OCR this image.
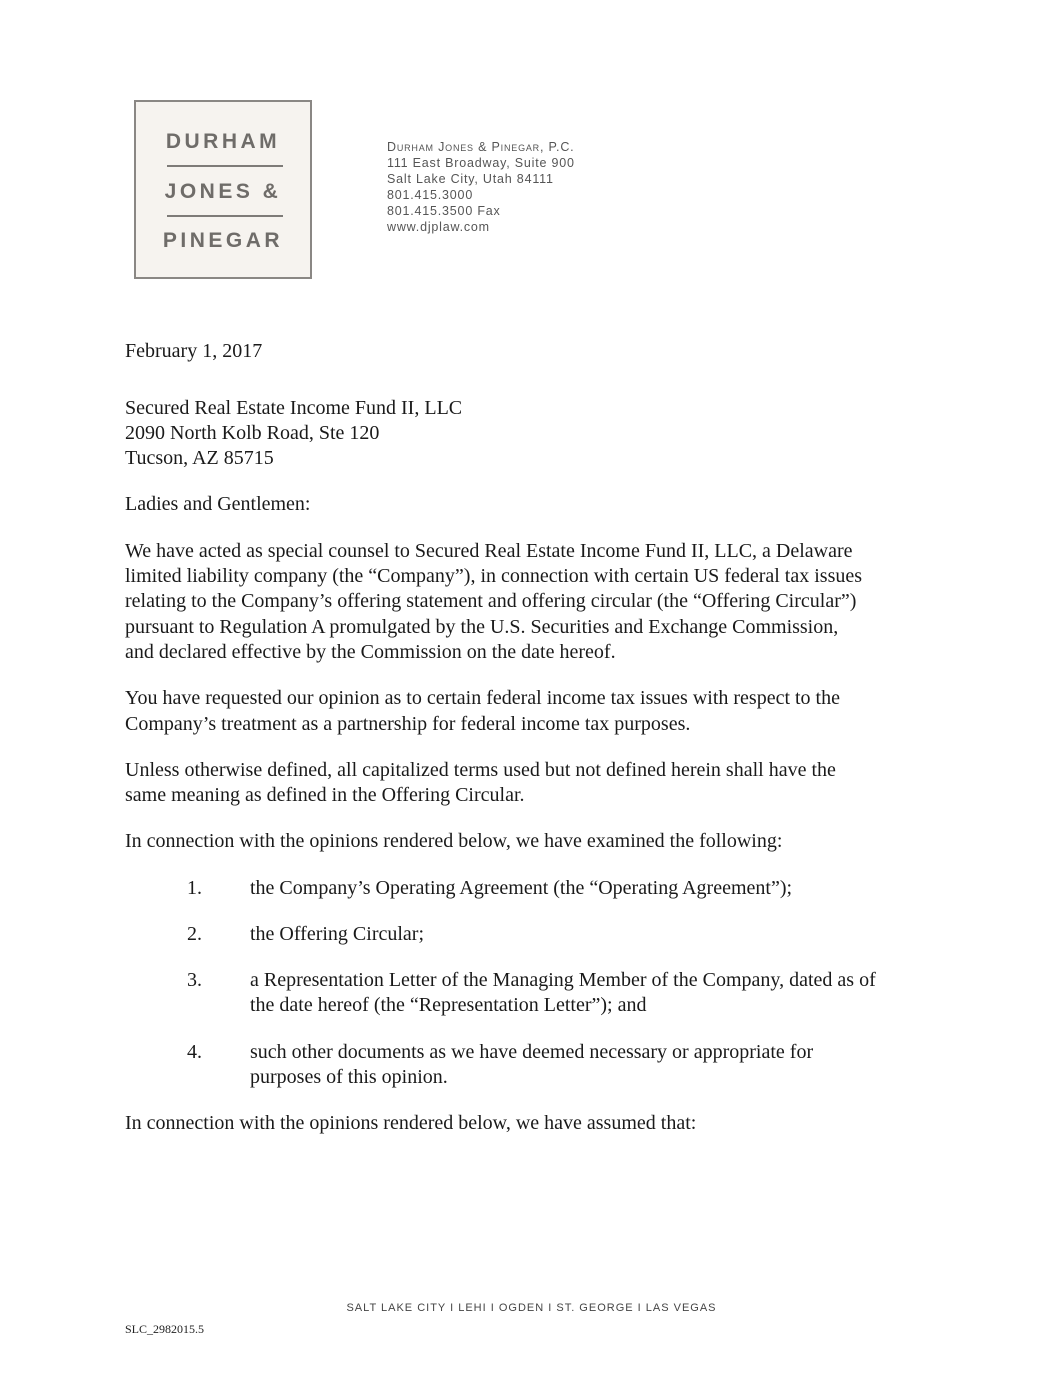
DURHAM
JONES &
PINEGAR
Durham Jones & Pinegar, P.C.
111 East Broadway, Suite 900
Salt Lake City, Utah 84111
801.415.3000
801.415.3500 Fax
www.djplaw.com
February 1, 2017
Secured Real Estate Income Fund II, LLC
2090 North Kolb Road, Ste 120
Tucson, AZ 85715
Ladies and Gentlemen:
We have acted as special counsel to Secured Real Estate Income Fund II, LLC, a Delaware
limited liability company (the “Company”), in connection with certain US federal tax issues
relating to the Company’s offering statement and offering circular (the “Offering Circular”)
pursuant to Regulation A promulgated by the U.S. Securities and Exchange Commission,
and declared effective by the Commission on the date hereof.
You have requested our opinion as to certain federal income tax issues with respect to the
Company’s treatment as a partnership for federal income tax purposes.
Unless otherwise defined, all capitalized terms used but not defined herein shall have the
same meaning as defined in the Offering Circular.
In connection with the opinions rendered below, we have examined the following:
1. the Company’s Operating Agreement (the “Operating Agreement”);
2. the Offering Circular;
3. a Representation Letter of the Managing Member of the Company, dated as of
the date hereof (the “Representation Letter”); and
4. such other documents as we have deemed necessary or appropriate for
purposes of this opinion.
In connection with the opinions rendered below, we have assumed that:
SALT LAKE CITY I LEHI I OGDEN I ST. GEORGE I LAS VEGAS
SLC_2982015.5
